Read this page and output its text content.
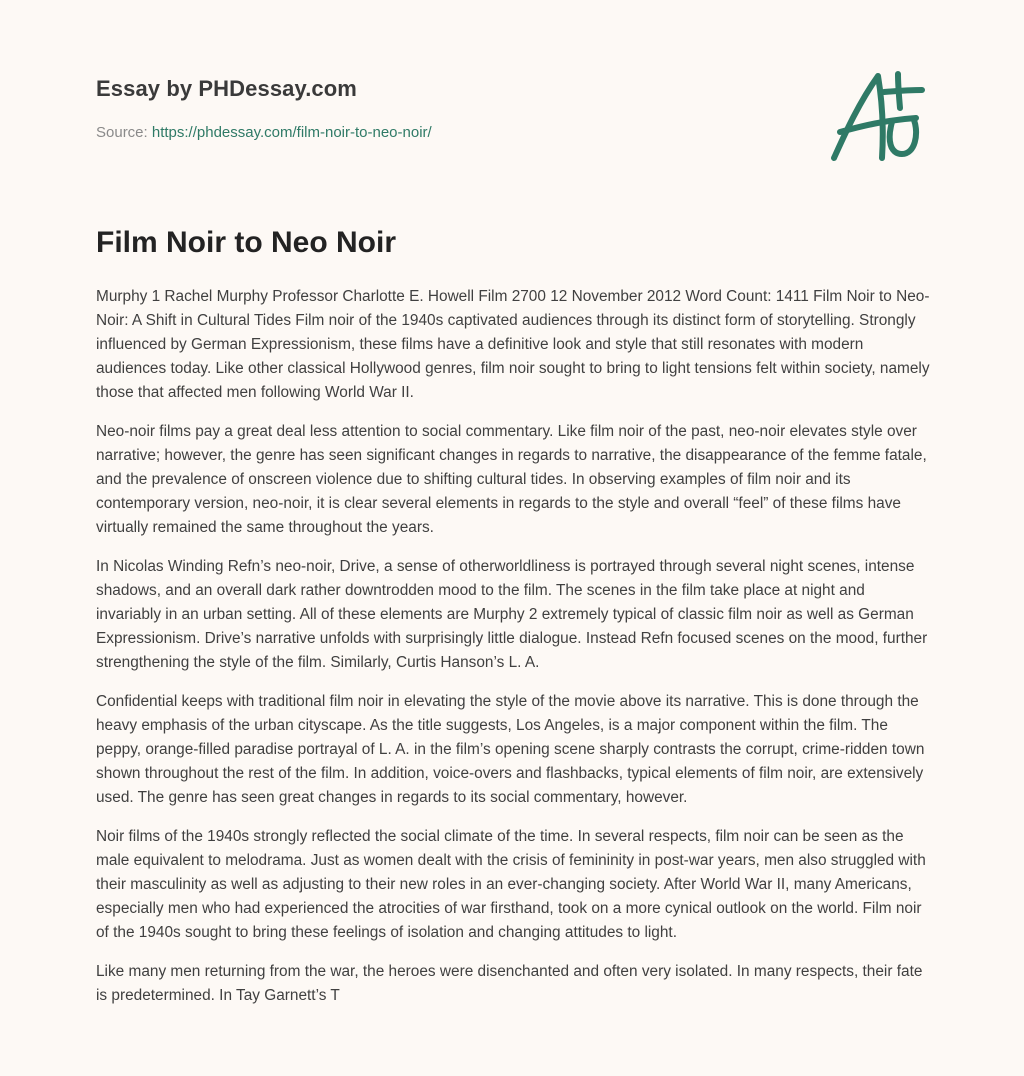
Essay by PHDessay.com
Source: https://phdessay.com/film-noir-to-neo-noir/
Film Noir to Neo Noir

Murphy 1 Rachel Murphy Professor Charlotte E. Howell Film 2700 12 November 2012 Word Count: 1411 Film Noir to Neo-Noir: A Shift in Cultural Tides Film noir of the 1940s captivated audiences through its distinct form of storytelling. Strongly influenced by German Expressionism, these films have a definitive look and style that still resonates with modern audiences today. Like other classical Hollywood genres, film noir sought to bring to light tensions felt within society, namely those that affected men following World War II.

Neo-noir films pay a great deal less attention to social commentary. Like film noir of the past, neo-noir elevates style over narrative; however, the genre has seen significant changes in regards to narrative, the disappearance of the femme fatale, and the prevalence of onscreen violence due to shifting cultural tides. In observing examples of film noir and its contemporary version, neo-noir, it is clear several elements in regards to the style and overall “feel” of these films have virtually remained the same throughout the years.

In Nicolas Winding Refn’s neo-noir, Drive, a sense of otherworldliness is portrayed through several night scenes, intense shadows, and an overall dark rather downtrodden mood to the film. The scenes in the film take place at night and invariably in an urban setting. All of these elements are Murphy 2 extremely typical of classic film noir as well as German Expressionism. Drive’s narrative unfolds with surprisingly little dialogue. Instead Refn focused scenes on the mood, further strengthening the style of the film. Similarly, Curtis Hanson’s L. A.

Confidential keeps with traditional film noir in elevating the style of the movie above its narrative. This is done through the heavy emphasis of the urban cityscape. As the title suggests, Los Angeles, is a major component within the film. The peppy, orange-filled paradise portrayal of L. A. in the film’s opening scene sharply contrasts the corrupt, crime-ridden town shown throughout the rest of the film. In addition, voice-overs and flashbacks, typical elements of film noir, are extensively used. The genre has seen great changes in regards to its social commentary, however.

Noir films of the 1940s strongly reflected the social climate of the time. In several respects, film noir can be seen as the male equivalent to melodrama. Just as women dealt with the crisis of femininity in post-war years, men also struggled with their masculinity as well as adjusting to their new roles in an ever-changing society. After World War II, many Americans, especially men who had experienced the atrocities of war firsthand, took on a more cynical outlook on the world. Film noir of the 1940s sought to bring these feelings of isolation and changing attitudes to light.

Like many men returning from the war, the heroes were disenchanted and often very isolated. In many respects, their fate is predetermined. In Tay Garnett’s T
